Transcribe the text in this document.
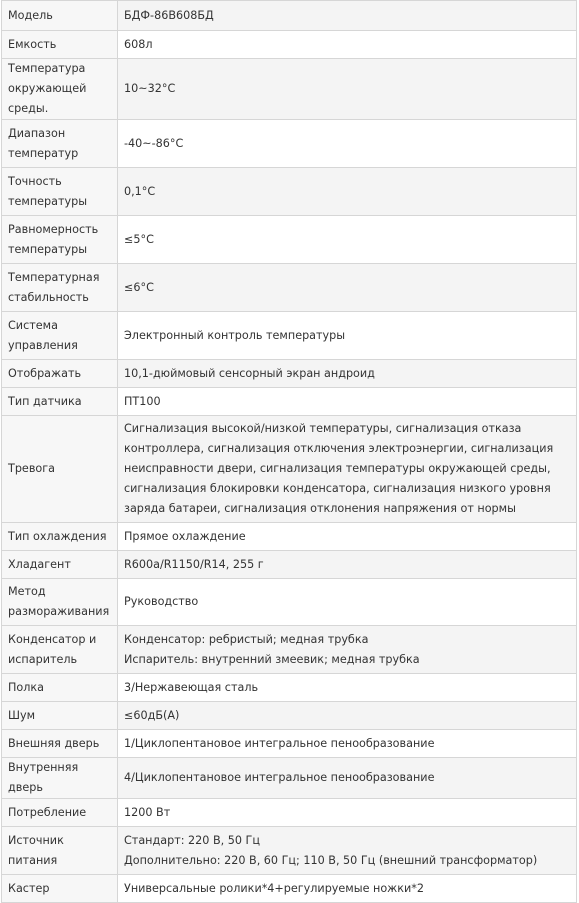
Модель	БДФ-86В608БД

Емкость	608л

Температура окружающей среды.	10~32°C

Диапазон температур	-40~-86°C

Точность температуры	0,1°C

Равномерность температуры	≤5°C

Температурная стабильность	≤6°C

Система управления	Электронный контроль температуры

Отображать	10,1-дюймовый сенсорный экран андроид

Тип датчика	ПТ100

Тревога	Сигнализация высокой/низкой температуры, сигнализация отказа контроллера, сигнализация отключения электроэнергии, сигнализация неисправности двери, сигнализация температуры окружающей среды, сигнализация блокировки конденсатора, сигнализация низкого уровня заряда батареи, сигнализация отклонения напряжения от нормы

Тип охлаждения	Прямое охлаждение

Хладагент	R600a/R1150/R14, 255 г

Метод размораживания	Руководство

Конденсатор и испаритель	Конденсатор: ребристый; медная трубка
Испаритель: внутренний змеевик; медная трубка

Полка	3/Нержавеющая сталь

Шум	≤60дБ(А)

Внешняя дверь	1/Циклопентановое интегральное пенообразование

Внутренняя дверь	4/Циклопентановое интегральное пенообразование

Потребление	1200 Вт

Источник питания	Стандарт: 220 В, 50 Гц
Дополнительно: 220 В, 60 Гц; 110 В, 50 Гц (внешний трансформатор)

Кастер	Универсальные ролики*4+регулируемые ножки*2
